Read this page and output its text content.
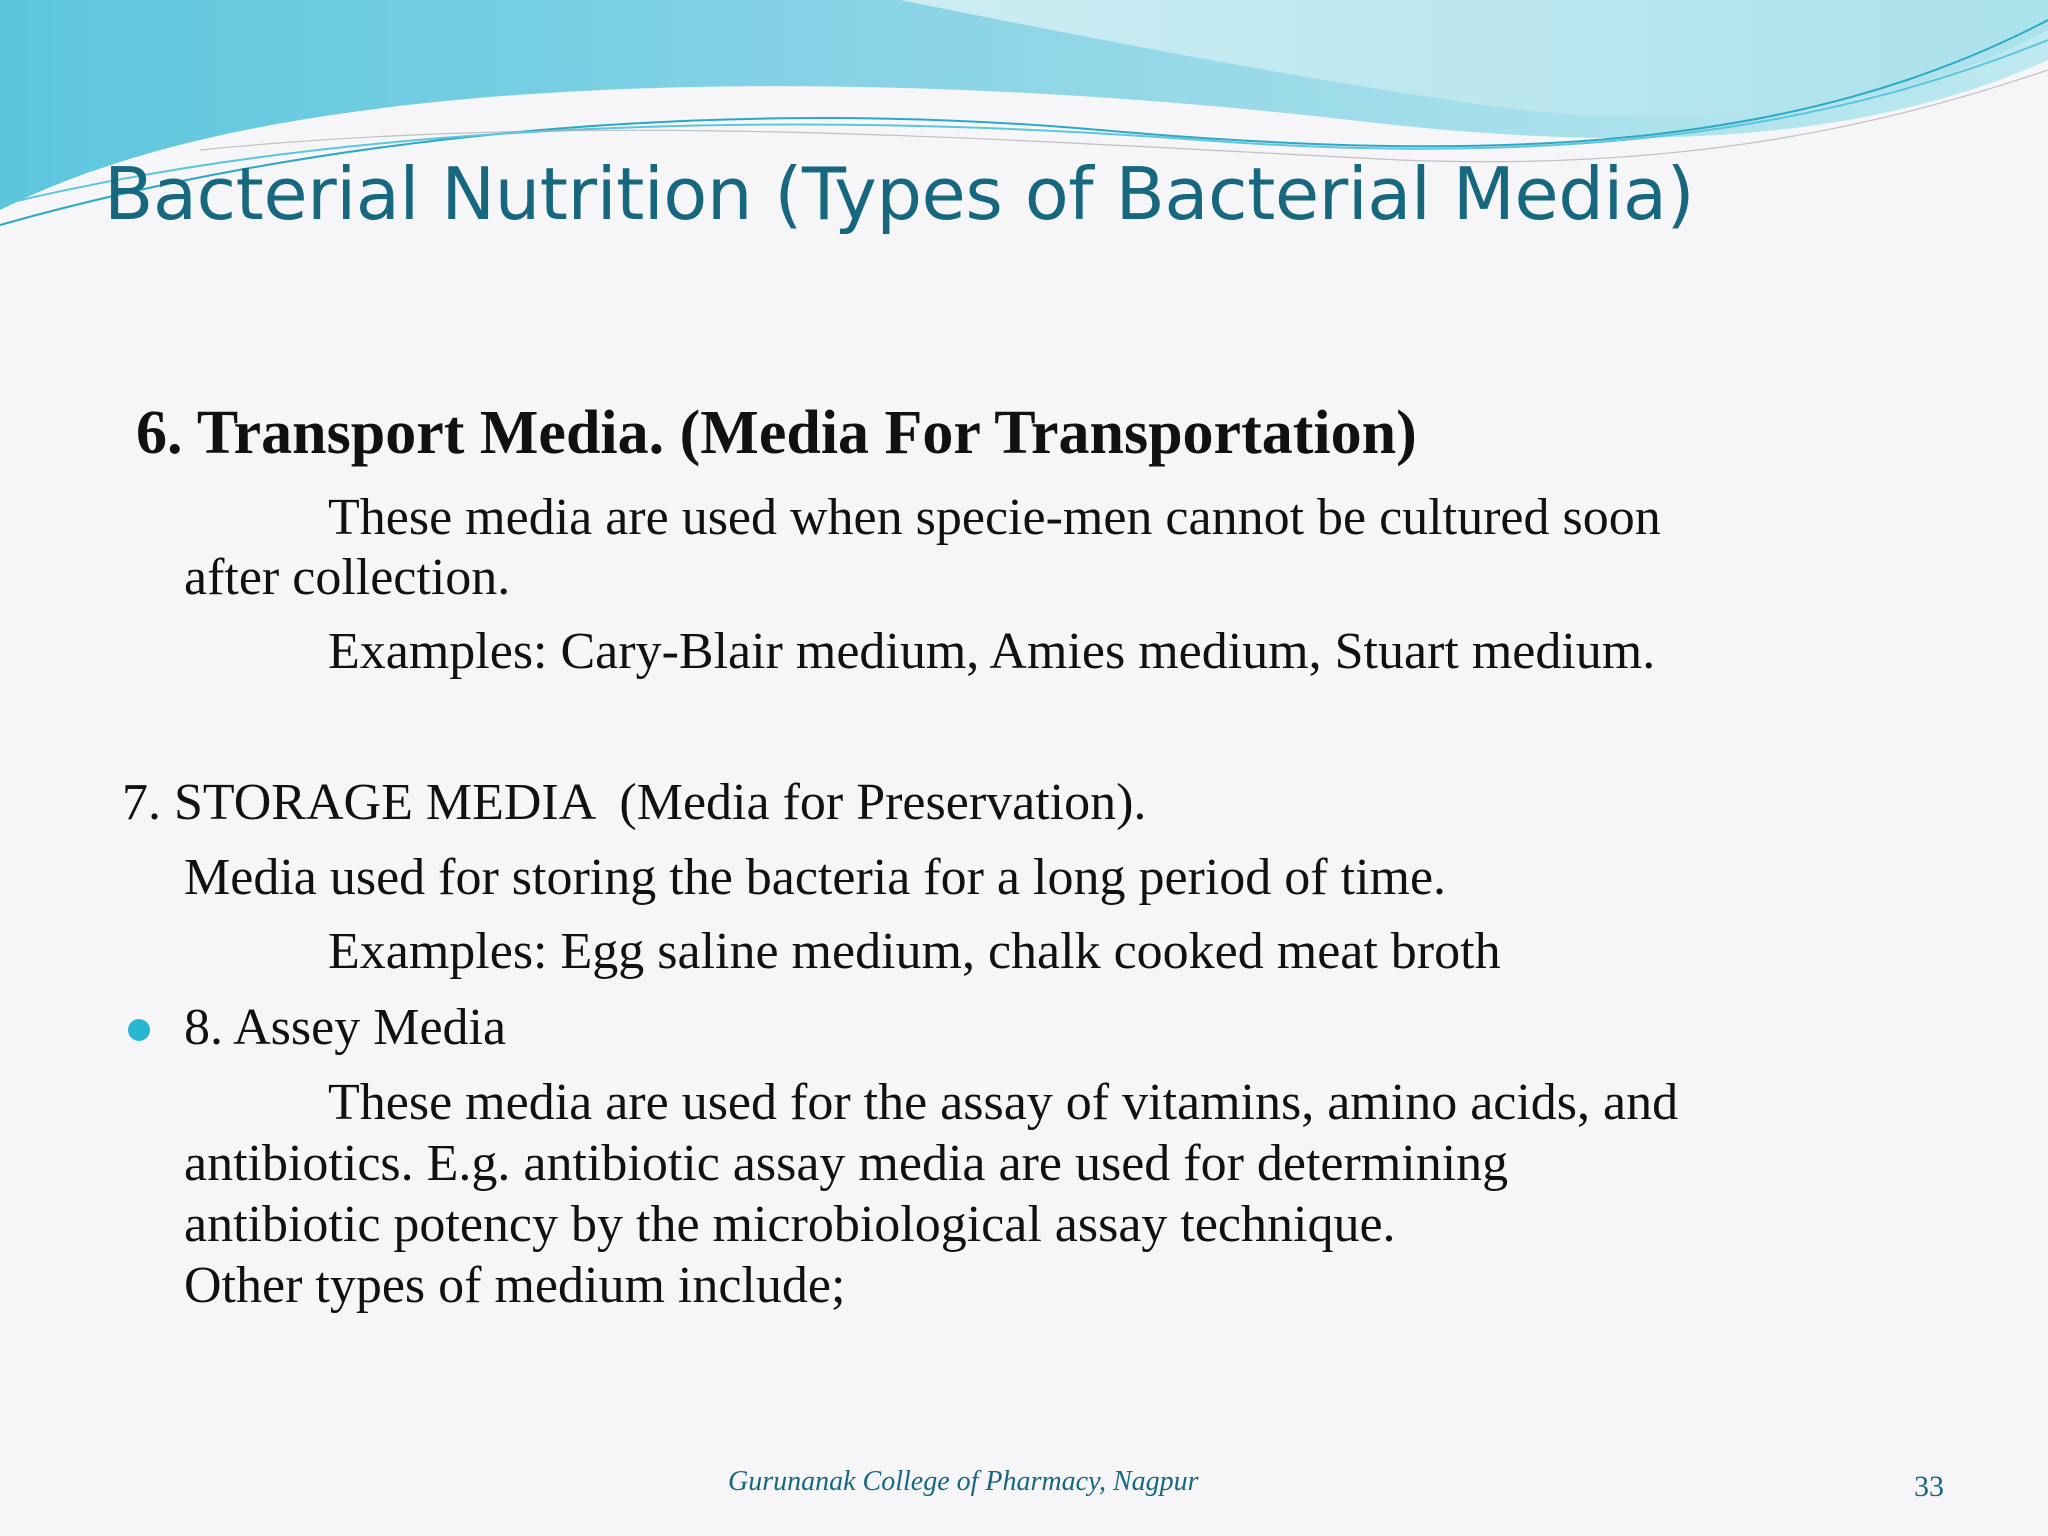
Bacterial Nutrition (Types of Bacterial Media)
6. Transport Media. (Media For Transportation)
These media are used when specie-men cannot be cultured soon
after collection.
Examples: Cary-Blair medium, Amies medium, Stuart medium.
7. STORAGE MEDIA  (Media for Preservation).
Media used for storing the bacteria for a long period of time.
Examples: Egg saline medium, chalk cooked meat broth
8. Assey Media
These media are used for the assay of vitamins, amino acids, and
antibiotics. E.g. antibiotic assay media are used for determining
antibiotic potency by the microbiological assay technique.
Other types of medium include;
Gurunanak College of Pharmacy, Nagpur	33
